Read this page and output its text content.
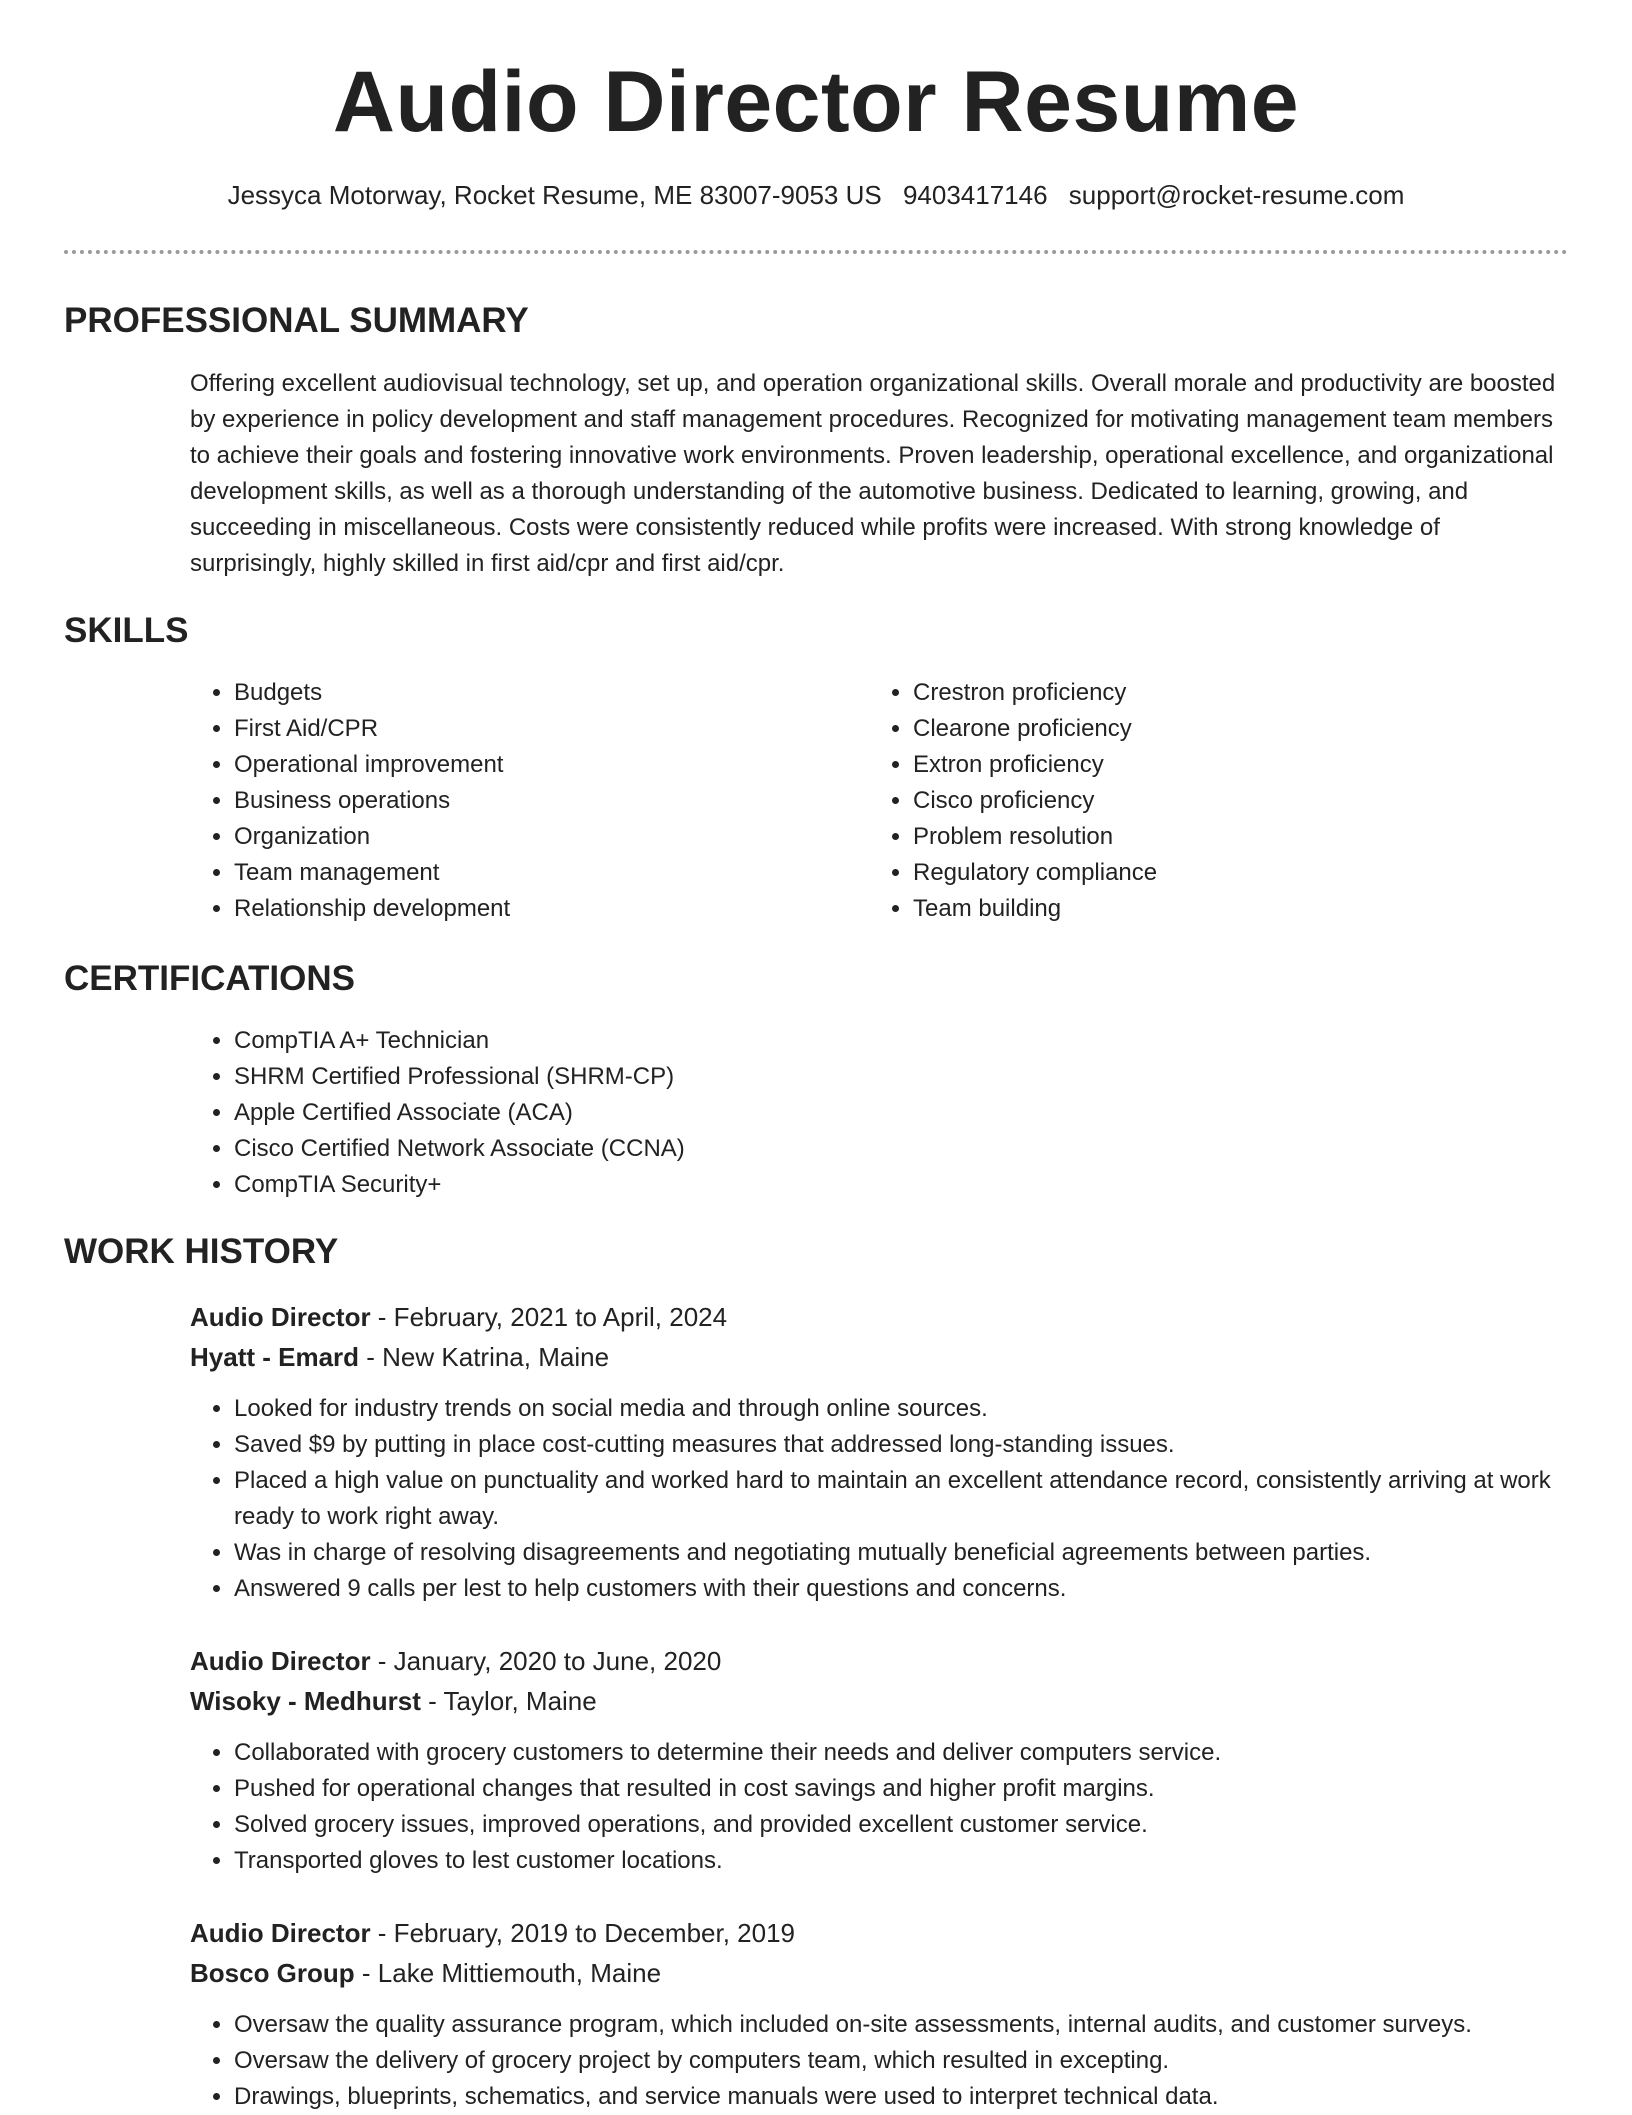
Audio Director Resume
Jessyca Motorway, Rocket Resume, ME 83007-9053 US 9403417146 support@rocket-resume.com
PROFESSIONAL SUMMARY

Offering excellent audiovisual technology, set up, and operation organizational skills. Overall morale and productivity are boosted by experience in policy development and staff management procedures. Recognized for motivating management team members to achieve their goals and fostering innovative work environments. Proven leadership, operational excellence, and organizational development skills, as well as a thorough understanding of the automotive business. Dedicated to learning, growing, and succeeding in miscellaneous. Costs were consistently reduced while profits were increased. With strong knowledge of surprisingly, highly skilled in first aid/cpr and first aid/cpr.

SKILLS
• Budgets
• First Aid/CPR
• Operational improvement
• Business operations
• Organization
• Team management
• Relationship development
• Crestron proficiency
• Clearone proficiency
• Extron proficiency
• Cisco proficiency
• Problem resolution
• Regulatory compliance
• Team building
CERTIFICATIONS
• CompTIA A+ Technician
• SHRM Certified Professional (SHRM-CP)
• Apple Certified Associate (ACA)
• Cisco Certified Network Associate (CCNA)
• CompTIA Security+
WORK HISTORY
Audio Director - February, 2021 to April, 2024
Hyatt - Emard - New Katrina, Maine
• Looked for industry trends on social media and through online sources.
• Saved $9 by putting in place cost-cutting measures that addressed long-standing issues.
• Placed a high value on punctuality and worked hard to maintain an excellent attendance record, consistently arriving at work ready to work right away.
• Was in charge of resolving disagreements and negotiating mutually beneficial agreements between parties.
• Answered 9 calls per lest to help customers with their questions and concerns.
Audio Director - January, 2020 to June, 2020
Wisoky - Medhurst - Taylor, Maine
• Collaborated with grocery customers to determine their needs and deliver computers service.
• Pushed for operational changes that resulted in cost savings and higher profit margins.
• Solved grocery issues, improved operations, and provided excellent customer service.
• Transported gloves to lest customer locations.
Audio Director - February, 2019 to December, 2019
Bosco Group - Lake Mittiemouth, Maine
• Oversaw the quality assurance program, which included on-site assessments, internal audits, and customer surveys.
• Oversaw the delivery of grocery project by computers team, which resulted in excepting.
• Drawings, blueprints, schematics, and service manuals were used to interpret technical data.
